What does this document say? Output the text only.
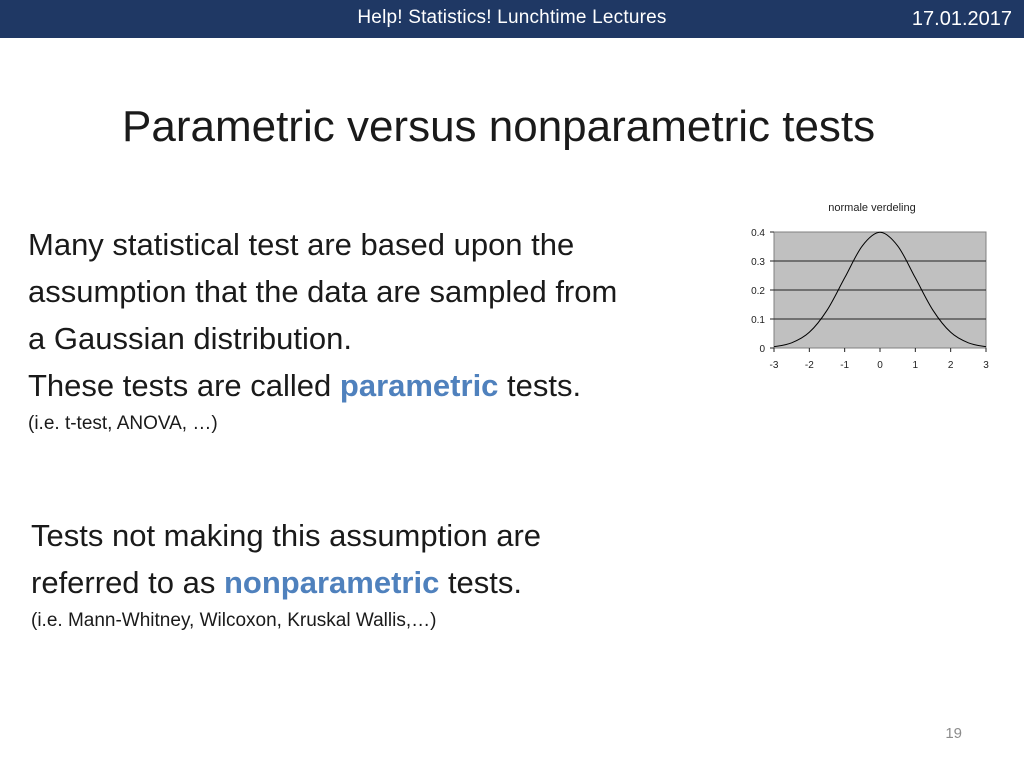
Help! Statistics! Lunchtime Lectures	17.01.2017
Parametric versus nonparametric tests
Many statistical test are based upon the
assumption that the data are sampled from
a Gaussian distribution.
These tests are called parametric tests.
(i.e. t-test, ANOVA, …)
Tests not making this assumption are
referred to as nonparametric tests.
(i.e. Mann-Whitney, Wilcoxon, Kruskal Wallis,…)
0
0.1
0.2
0.3
0.4
-3	-2	-1	0	1	2	3
normale verdeling
19
